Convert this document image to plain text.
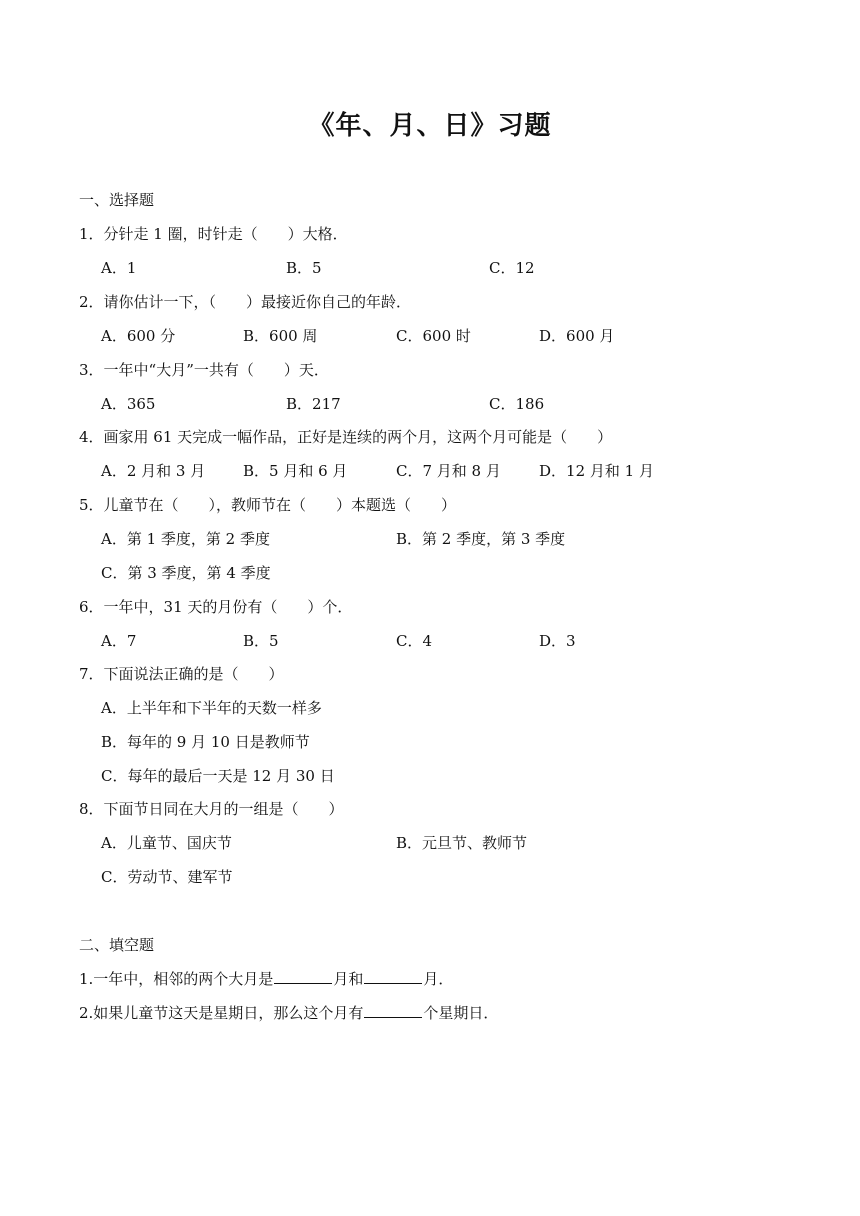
《年、月、日》习题
一、选择题
1．分针走 1 圈，时针走（　　）大格．
A．1	B．5	C．12
2．请你估计一下，（　　）最接近你自己的年龄．
A．600 分	B．600 周	C．600 时	D．600 月
3．一年中“大月”一共有（　　）天．
A．365	B．217	C．186
4．画家用 61 天完成一幅作品，正好是连续的两个月，这两个月可能是（　　）
A．2 月和 3 月	B．5 月和 6 月	C．7 月和 8 月	D．12 月和 1 月
5．儿童节在（　　），教师节在（　　）本题选（　　）
A．第 1 季度，第 2 季度	B．第 2 季度，第 3 季度
C．第 3 季度，第 4 季度
6．一年中，31 天的月份有（　　）个．
A．7	B．5	C．4	D．3
7．下面说法正确的是（　　）
A．上半年和下半年的天数一样多
B．每年的 9 月 10 日是教师节
C．每年的最后一天是 12 月 30 日
8．下面节日同在大月的一组是（　　）
A．儿童节、国庆节	B．元旦节、教师节
C．劳动节、建军节
二、填空题
1.一年中，相邻的两个大月是	月和	月．
2.如果儿童节这天是星期日，那么这个月有	个星期日．
